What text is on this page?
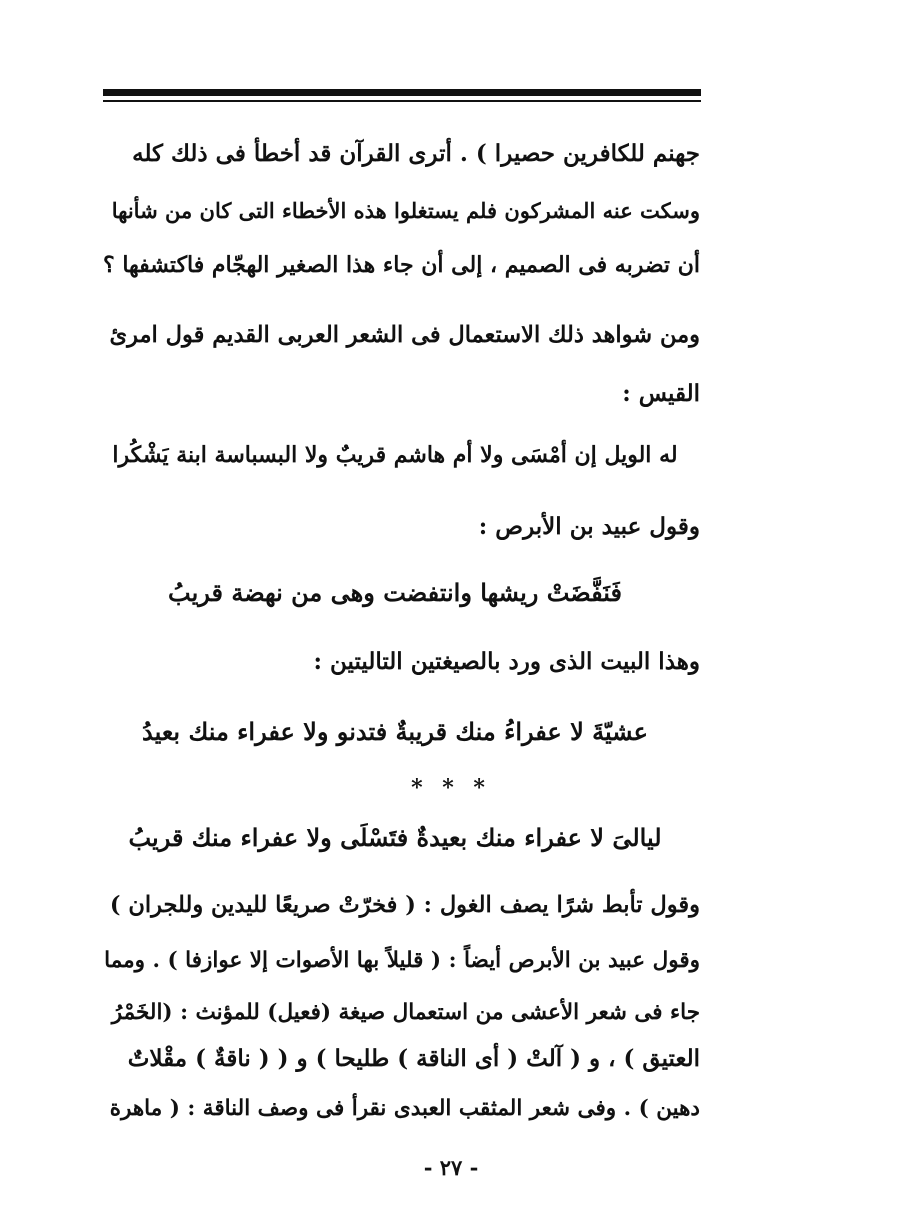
جهنم للكافرين حصيرا ) . أترى القرآن قد أخطأ فى ذلك كله
وسكت عنه المشركون فلم يستغلوا هذه الأخطاء التى كان من شأنها
أن تضربه فى الصميم ، إلى أن جاء هذا الصغير الهجّام فاكتشفها ؟
ومن شواهد ذلك الاستعمال فى الشعر العربى القديم قول امرئ
القيس :
له الويل إن أمْسَى ولا أم هاشم قريبٌ ولا البسباسة ابنة يَشْكُرا
وقول عبيد بن الأبرص :
فَنَفَّضَتْ ريشها وانتفضت وهى من نهضة قريبُ
وهذا البيت الذى ورد بالصيغتين التاليتين :
عشيّةَ لا عفراءُ منك قريبةٌ فتدنو ولا عفراء منك بعيدُ
* * *
ليالىَ لا عفراء منك بعيدةٌ فتَسْلَى ولا عفراء منك قريبُ
وقول تأبط شرًا يصف الغول : ( فخرّتْ صريعًا لليدين وللجران )
وقول عبيد بن الأبرص أيضاً : ( قليلاً بها الأصوات إلا عوازفا ) . ومما
جاء فى شعر الأعشى من استعمال صيغة (فعيل) للمؤنث : (الخَمْرُ
العتيق ) ، و ( آلتْ ( أى الناقة ) طليحا ) و ( ( ناقةٌ ) مقْلاتٌ
دهين ) . وفى شعر المثقب العبدى نقرأ فى وصف الناقة : ( ماهرة
- ٢٧ -
